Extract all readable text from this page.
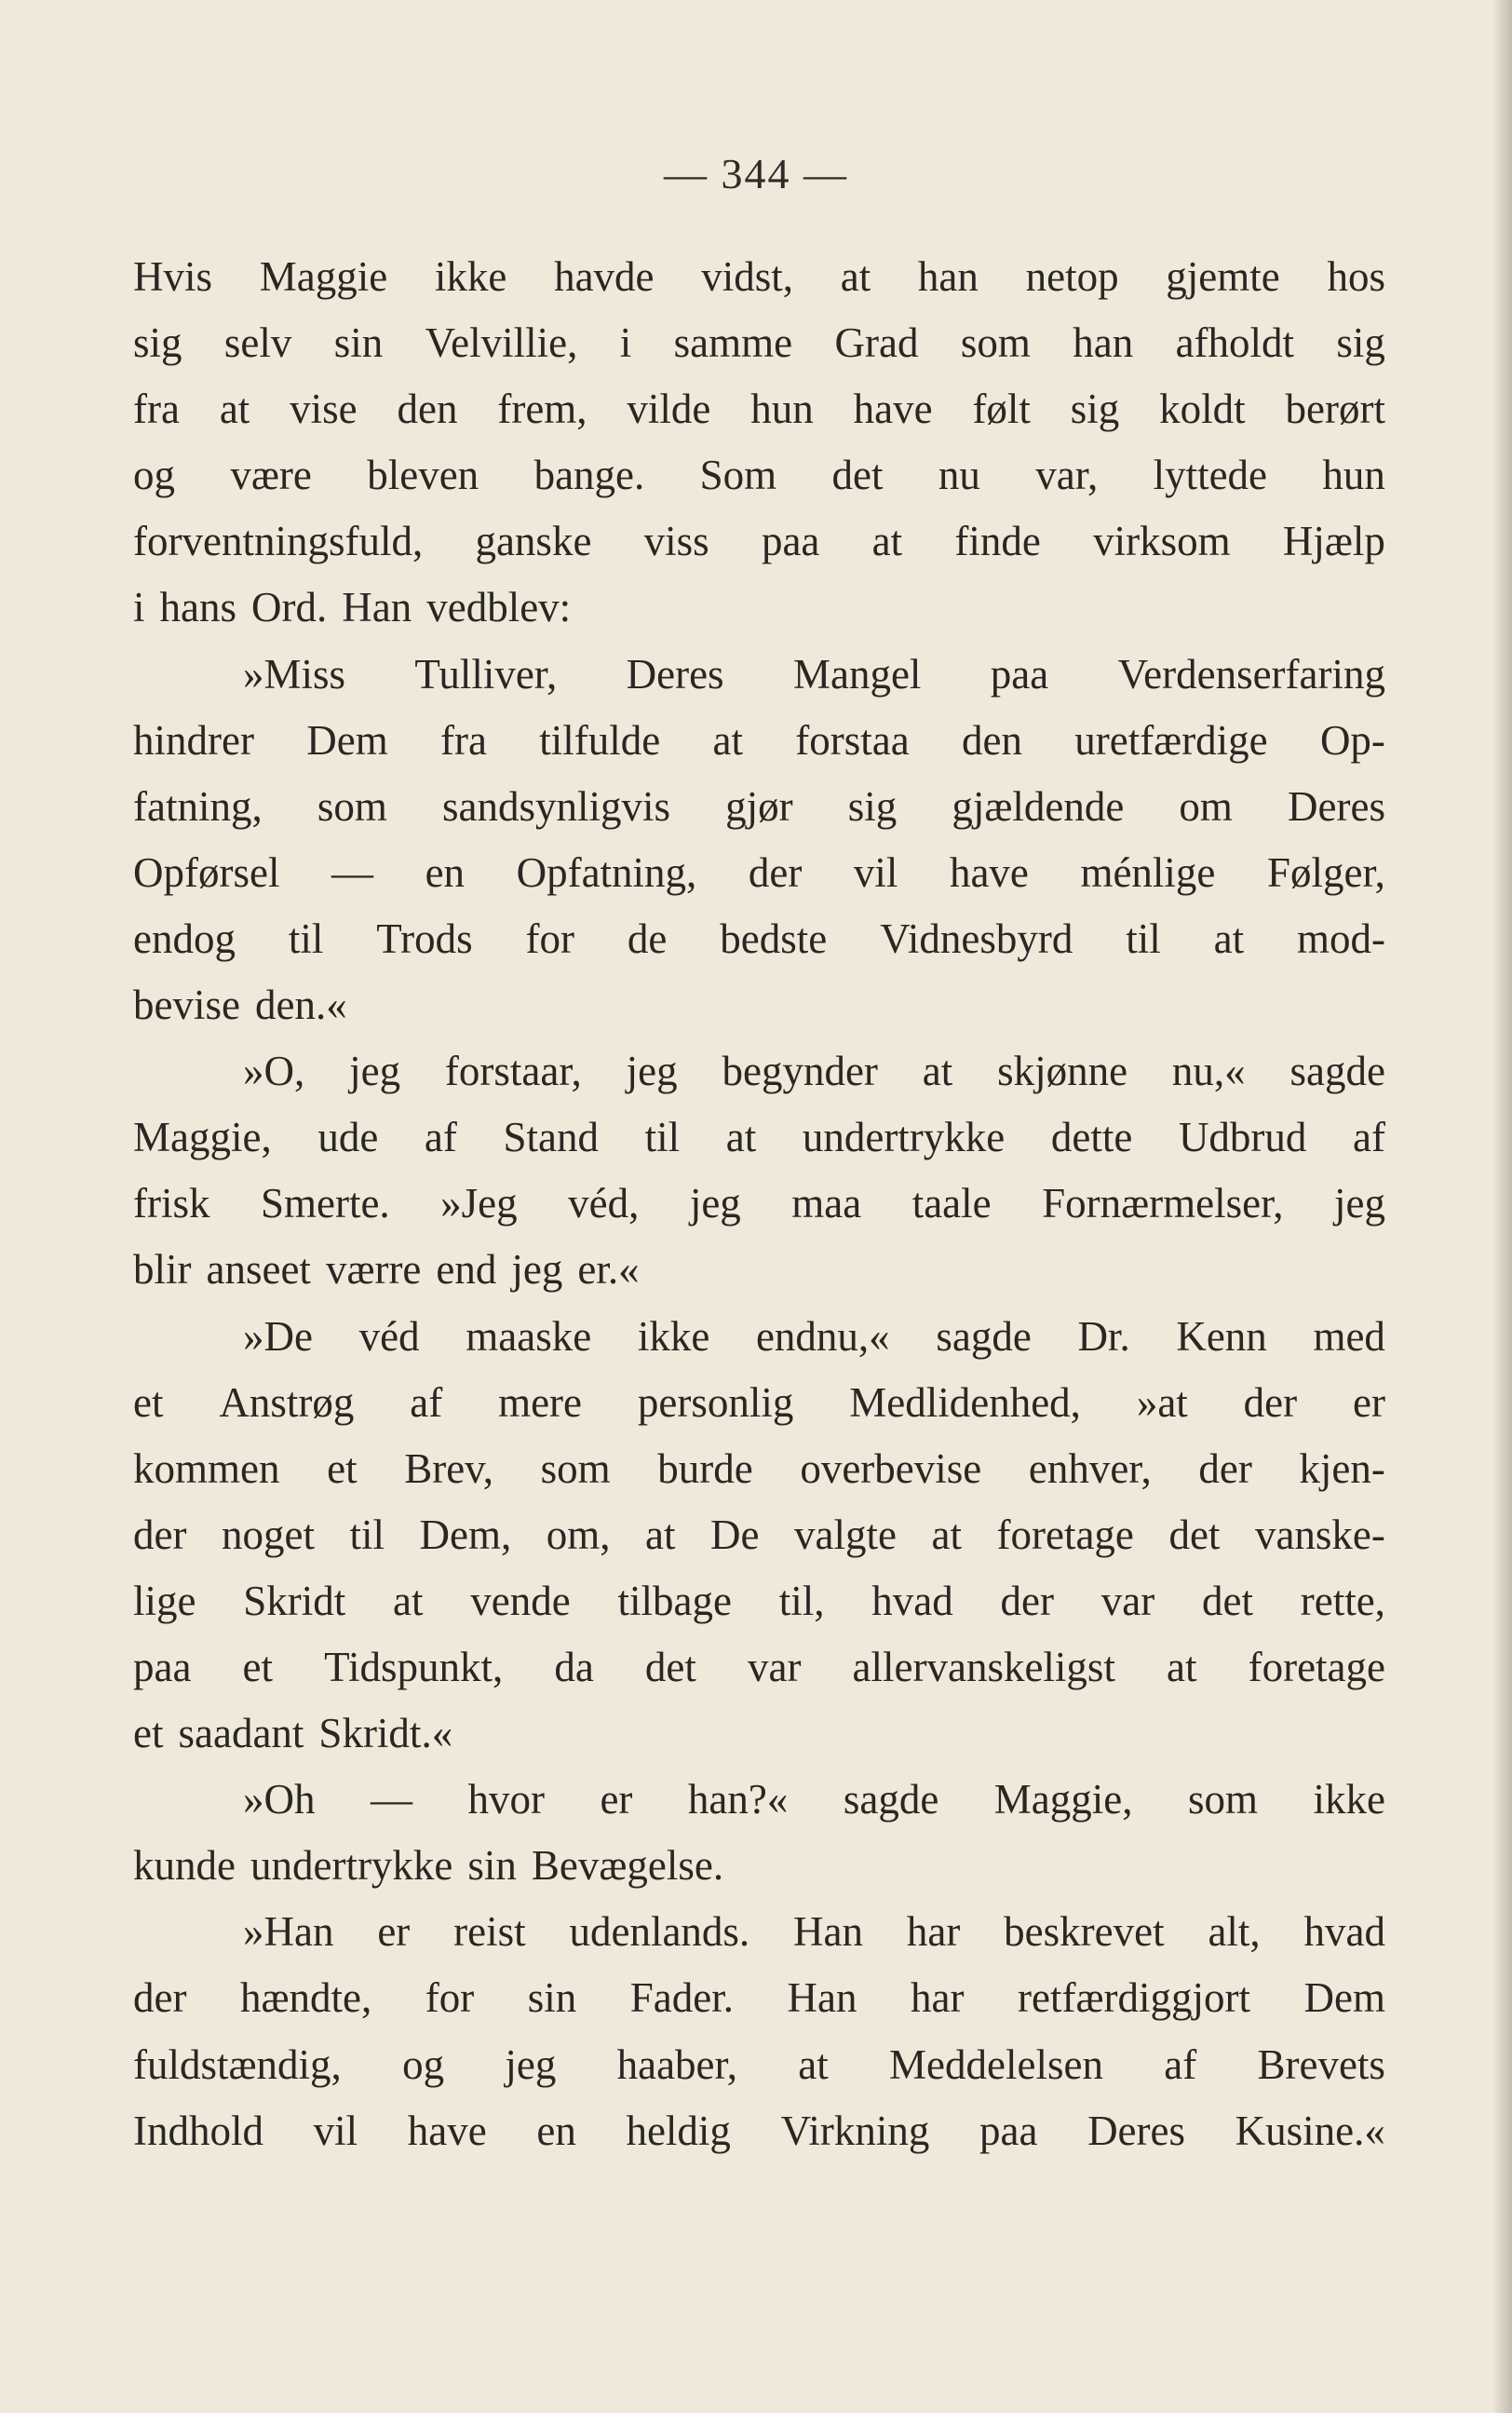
— 344 —
Hvis Maggie ikke havde vidst, at han netop gjemte hos
sig selv sin Velvillie, i samme Grad som han afholdt sig
fra at vise den frem, vilde hun have følt sig koldt berørt
og være bleven bange. Som det nu var, lyttede hun
forventningsfuld, ganske viss paa at finde virksom Hjælp
i hans Ord. Han vedblev:
»Miss Tulliver, Deres Mangel paa Verdenserfaring
hindrer Dem fra tilfulde at forstaa den uretfærdige Op-
fatning, som sandsynligvis gjør sig gjældende om Deres
Opførsel — en Opfatning, der vil have ménlige Følger,
endog til Trods for de bedste Vidnesbyrd til at mod-
bevise den.«
»O, jeg forstaar, jeg begynder at skjønne nu,« sagde
Maggie, ude af Stand til at undertrykke dette Udbrud af
frisk Smerte. »Jeg véd, jeg maa taale Fornærmelser, jeg
blir anseet værre end jeg er.«
»De véd maaske ikke endnu,« sagde Dr. Kenn med
et Anstrøg af mere personlig Medlidenhed, »at der er
kommen et Brev, som burde overbevise enhver, der kjen-
der noget til Dem, om, at De valgte at foretage det vanske-
lige Skridt at vende tilbage til, hvad der var det rette,
paa et Tidspunkt, da det var allervanskeligst at foretage
et saadant Skridt.«
»Oh — hvor er han?« sagde Maggie, som ikke
kunde undertrykke sin Bevægelse.
»Han er reist udenlands. Han har beskrevet alt, hvad
der hændte, for sin Fader. Han har retfærdiggjort Dem
fuldstændig, og jeg haaber, at Meddelelsen af Brevets
Indhold vil have en heldig Virkning paa Deres Kusine.«
